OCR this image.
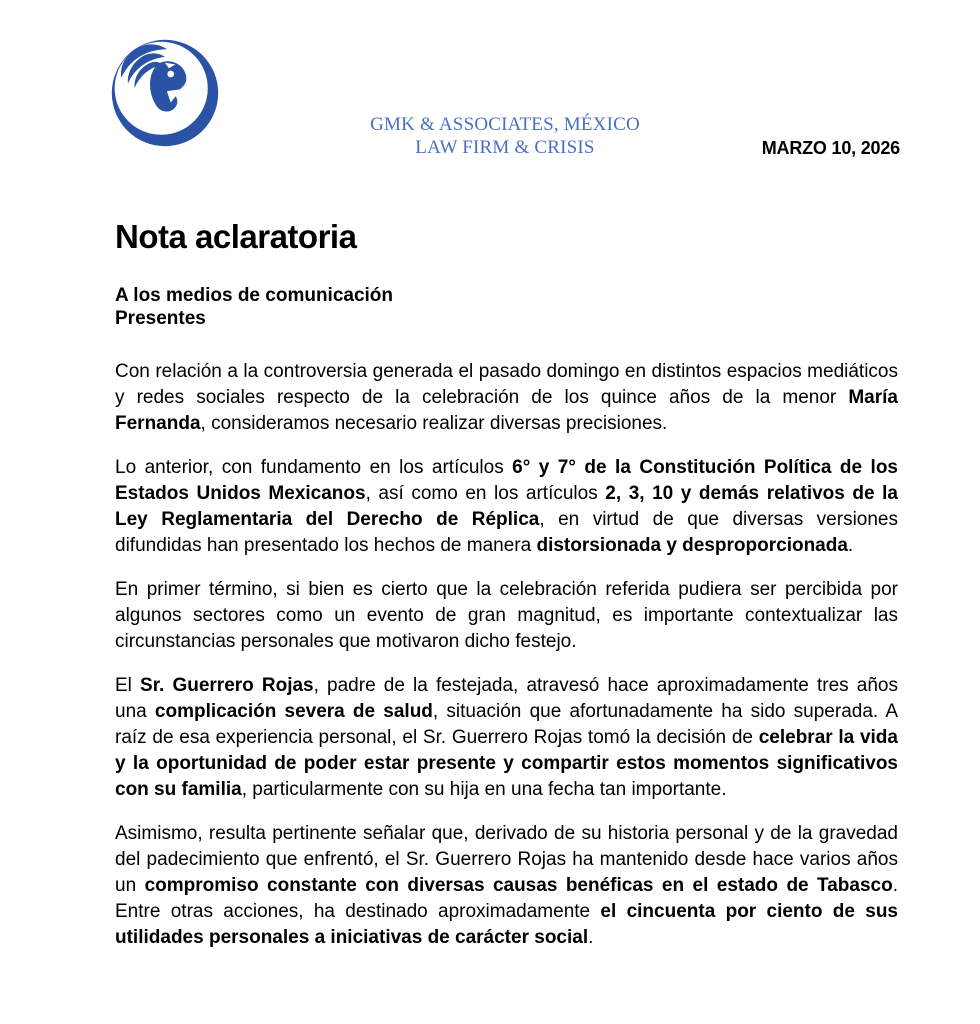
GMK & ASSOCIATES, MÉXICO
LAW FIRM & CRISIS	MARZO 10, 2026
Nota aclaratoria
A los medios de comunicación
Presentes

Con relación a la controversia generada el pasado domingo en distintos espacios mediáticos y redes sociales respecto de la celebración de los quince años de la menor María Fernanda, consideramos necesario realizar diversas precisiones.

Lo anterior, con fundamento en los artículos 6° y 7° de la Constitución Política de los Estados Unidos Mexicanos, así como en los artículos 2, 3, 10 y demás relativos de la Ley Reglamentaria del Derecho de Réplica, en virtud de que diversas versiones difundidas han presentado los hechos de manera distorsionada y desproporcionada.

En primer término, si bien es cierto que la celebración referida pudiera ser percibida por algunos sectores como un evento de gran magnitud, es importante contextualizar las circunstancias personales que motivaron dicho festejo.

El Sr. Guerrero Rojas, padre de la festejada, atravesó hace aproximadamente tres años una complicación severa de salud, situación que afortunadamente ha sido superada. A raíz de esa experiencia personal, el Sr. Guerrero Rojas tomó la decisión de celebrar la vida y la oportunidad de poder estar presente y compartir estos momentos significativos con su familia, particularmente con su hija en una fecha tan importante.

Asimismo, resulta pertinente señalar que, derivado de su historia personal y de la gravedad del padecimiento que enfrentó, el Sr. Guerrero Rojas ha mantenido desde hace varios años un compromiso constante con diversas causas benéficas en el estado de Tabasco. Entre otras acciones, ha destinado aproximadamente el cincuenta por ciento de sus utilidades personales a iniciativas de carácter social.
